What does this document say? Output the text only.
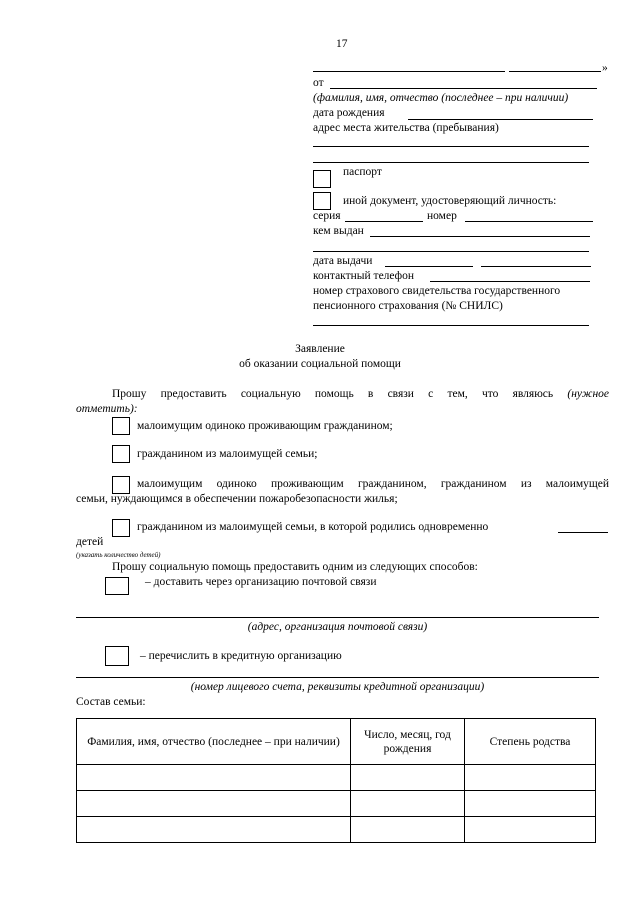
17
»
от
(фамилия, имя, отчество (последнее – при наличии)
дата рождения
адрес места жительства (пребывания)
паспорт
иной документ, удостоверяющий личность:
серия	номер
кем выдан
дата выдачи
контактный телефон
номер страхового свидетельства государственного
пенсионного страхования (№ СНИЛС)
Заявление
об оказании социальной помощи
Прошу предоставить социальную помощь в связи с тем, что являюсь (нужное
отметить):
малоимущим одиноко проживающим гражданином;
гражданином из малоимущей семьи;
малоимущим одиноко проживающим гражданином, гражданином из малоимущей
семьи, нуждающимся в обеспечении пожаробезопасности жилья;
гражданином из малоимущей семьи, в которой родились одновременно
детей
(указать количество детей)
Прошу социальную помощь предоставить одним из следующих способов:
– доставить через организацию почтовой связи
(адрес, организация почтовой связи)
– перечислить в кредитную организацию
(номер лицевого счета, реквизиты кредитной организации)
Состав семьи:
Фамилия, имя, отчество (последнее – при наличии)	Число, месяц, год рождения	Степень родства
